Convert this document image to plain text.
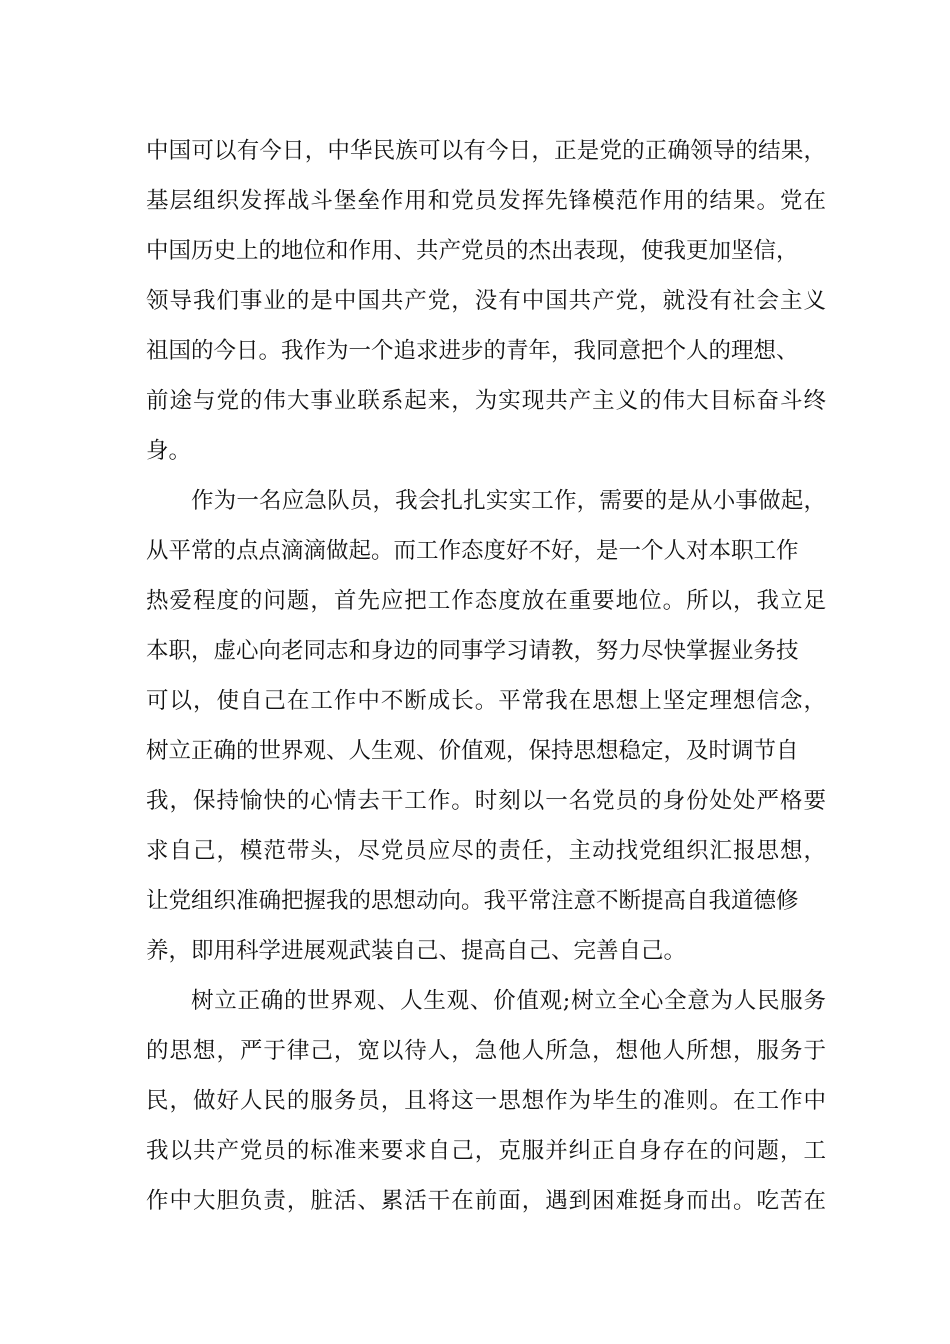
中国可以有今日，中华民族可以有今日，正是党的正确领导的结果，
基层组织发挥战斗堡垒作用和党员发挥先锋模范作用的结果。党在
中国历史上的地位和作用、共产党员的杰出表现，使我更加坚信，
领导我们事业的是中国共产党，没有中国共产党，就没有社会主义
祖国的今日。我作为一个追求进步的青年，我同意把个人的理想、
前途与党的伟大事业联系起来，为实现共产主义的伟大目标奋斗终
身。
作为一名应急队员，我会扎扎实实工作，需要的是从小事做起，
从平常的点点滴滴做起。而工作态度好不好，是一个人对本职工作
热爱程度的问题，首先应把工作态度放在重要地位。所以，我立足
本职，虚心向老同志和身边的同事学习请教，努力尽快掌握业务技
可以，使自己在工作中不断成长。平常我在思想上坚定理想信念，
树立正确的世界观、人生观、价值观，保持思想稳定，及时调节自
我，保持愉快的心情去干工作。时刻以一名党员的身份处处严格要
求自己，模范带头，尽党员应尽的责任，主动找党组织汇报思想，
让党组织准确把握我的思想动向。我平常注意不断提高自我道德修
养，即用科学进展观武装自己、提高自己、完善自己。
树立正确的世界观、人生观、价值观;树立全心全意为人民服务
的思想，严于律己，宽以待人，急他人所急，想他人所想，服务于
民，做好人民的服务员，且将这一思想作为毕生的准则。在工作中
我以共产党员的标准来要求自己，克服并纠正自身存在的问题，工
作中大胆负责，脏活、累活干在前面，遇到困难挺身而出。吃苦在
